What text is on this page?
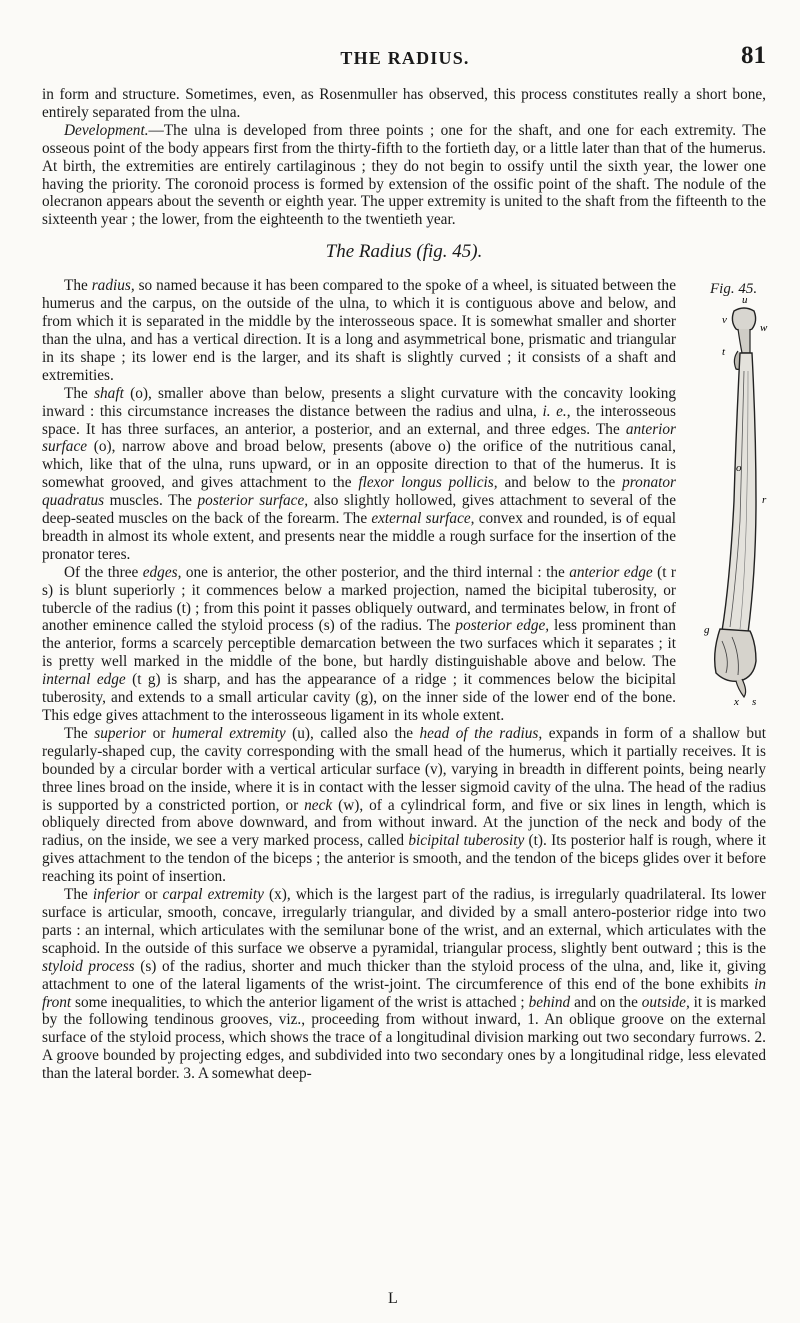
THE RADIUS.	81

in form and structure. Sometimes, even, as Rosenmuller has observed, this process constitutes really a short bone, entirely separated from the ulna.

Development.—The ulna is developed from three points ; one for the shaft, and one for each extremity. The osseous point of the body appears first from the thirty-fifth to the fortieth day, or a little later than that of the humerus. At birth, the extremities are entirely cartilaginous ; they do not begin to ossify until the sixth year, the lower one having the priority. The coronoid process is formed by extension of the ossific point of the shaft. The nodule of the olecranon appears about the seventh or eighth year. The upper extremity is united to the shaft from the fifteenth to the sixteenth year ; the lower, from the eighteenth to the twentieth year.

The Radius (fig. 45).

Fig. 45.
u
v
w
t
o
r
g
x s

The radius, so named because it has been compared to the spoke of a wheel, is situated between the humerus and the carpus, on the outside of the ulna, to which it is contiguous above and below, and from which it is separated in the middle by the interosseous space. It is somewhat smaller and shorter than the ulna, and has a vertical direction. It is a long and asymmetrical bone, prismatic and triangular in its shape ; its lower end is the larger, and its shaft is slightly curved ; it consists of a shaft and extremities.

The shaft (o), smaller above than below, presents a slight curvature with the concavity looking inward : this circumstance increases the distance between the radius and ulna, i. e., the interosseous space. It has three surfaces, an anterior, a posterior, and an external, and three edges. The anterior surface (o), narrow above and broad below, presents (above o) the orifice of the nutritious canal, which, like that of the ulna, runs upward, or in an opposite direction to that of the humerus. It is somewhat grooved, and gives attachment to the flexor longus pollicis, and below to the pronator quadratus muscles. The posterior surface, also slightly hollowed, gives attachment to several of the deep-seated muscles on the back of the forearm. The external surface, convex and rounded, is of equal breadth in almost its whole extent, and presents near the middle a rough surface for the insertion of the pronator teres.

Of the three edges, one is anterior, the other posterior, and the third internal : the anterior edge (t r s) is blunt superiorly ; it commences below a marked projection, named the bicipital tuberosity, or tubercle of the radius (t) ; from this point it passes obliquely outward, and terminates below, in front of another eminence called the styloid process (s) of the radius. The posterior edge, less prominent than the anterior, forms a scarcely perceptible demarcation between the two surfaces which it separates ; it is pretty well marked in the middle of the bone, but hardly distinguishable above and below. The internal edge (t g) is sharp, and has the appearance of a ridge ; it commences below the bicipital tuberosity, and extends to a small articular cavity (g), on the inner side of the lower end of the bone. This edge gives attachment to the interosseous ligament in its whole extent.

The superior or humeral extremity (u), called also the head of the radius, expands in form of a shallow but regularly-shaped cup, the cavity corresponding with the small head of the humerus, which it partially receives. It is bounded by a circular border with a vertical articular surface (v), varying in breadth in different points, being nearly three lines broad on the inside, where it is in contact with the lesser sigmoid cavity of the ulna. The head of the radius is supported by a constricted portion, or neck (w), of a cylindrical form, and five or six lines in length, which is obliquely directed from above downward, and from without inward. At the junction of the neck and body of the radius, on the inside, we see a very marked process, called bicipital tuberosity (t). Its posterior half is rough, where it gives attachment to the tendon of the biceps ; the anterior is smooth, and the tendon of the biceps glides over it before reaching its point of insertion.

The inferior or carpal extremity (x), which is the largest part of the radius, is irregularly quadrilateral. Its lower surface is articular, smooth, concave, irregularly triangular, and divided by a small antero-posterior ridge into two parts : an internal, which articulates with the semilunar bone of the wrist, and an external, which articulates with the scaphoid. In the outside of this surface we observe a pyramidal, triangular process, slightly bent outward ; this is the styloid process (s) of the radius, shorter and much thicker than the styloid process of the ulna, and, like it, giving attachment to one of the lateral ligaments of the wrist-joint. The circumference of this end of the bone exhibits in front some inequalities, to which the anterior ligament of the wrist is attached ; behind and on the outside, it is marked by the following tendinous grooves, viz., proceeding from without inward, 1. An oblique groove on the external surface of the styloid process, which shows the trace of a longitudinal division marking out two secondary furrows. 2. A groove bounded by projecting edges, and subdivided into two secondary ones by a longitudinal ridge, less elevated than the lateral border. 3. A somewhat deep-

L
